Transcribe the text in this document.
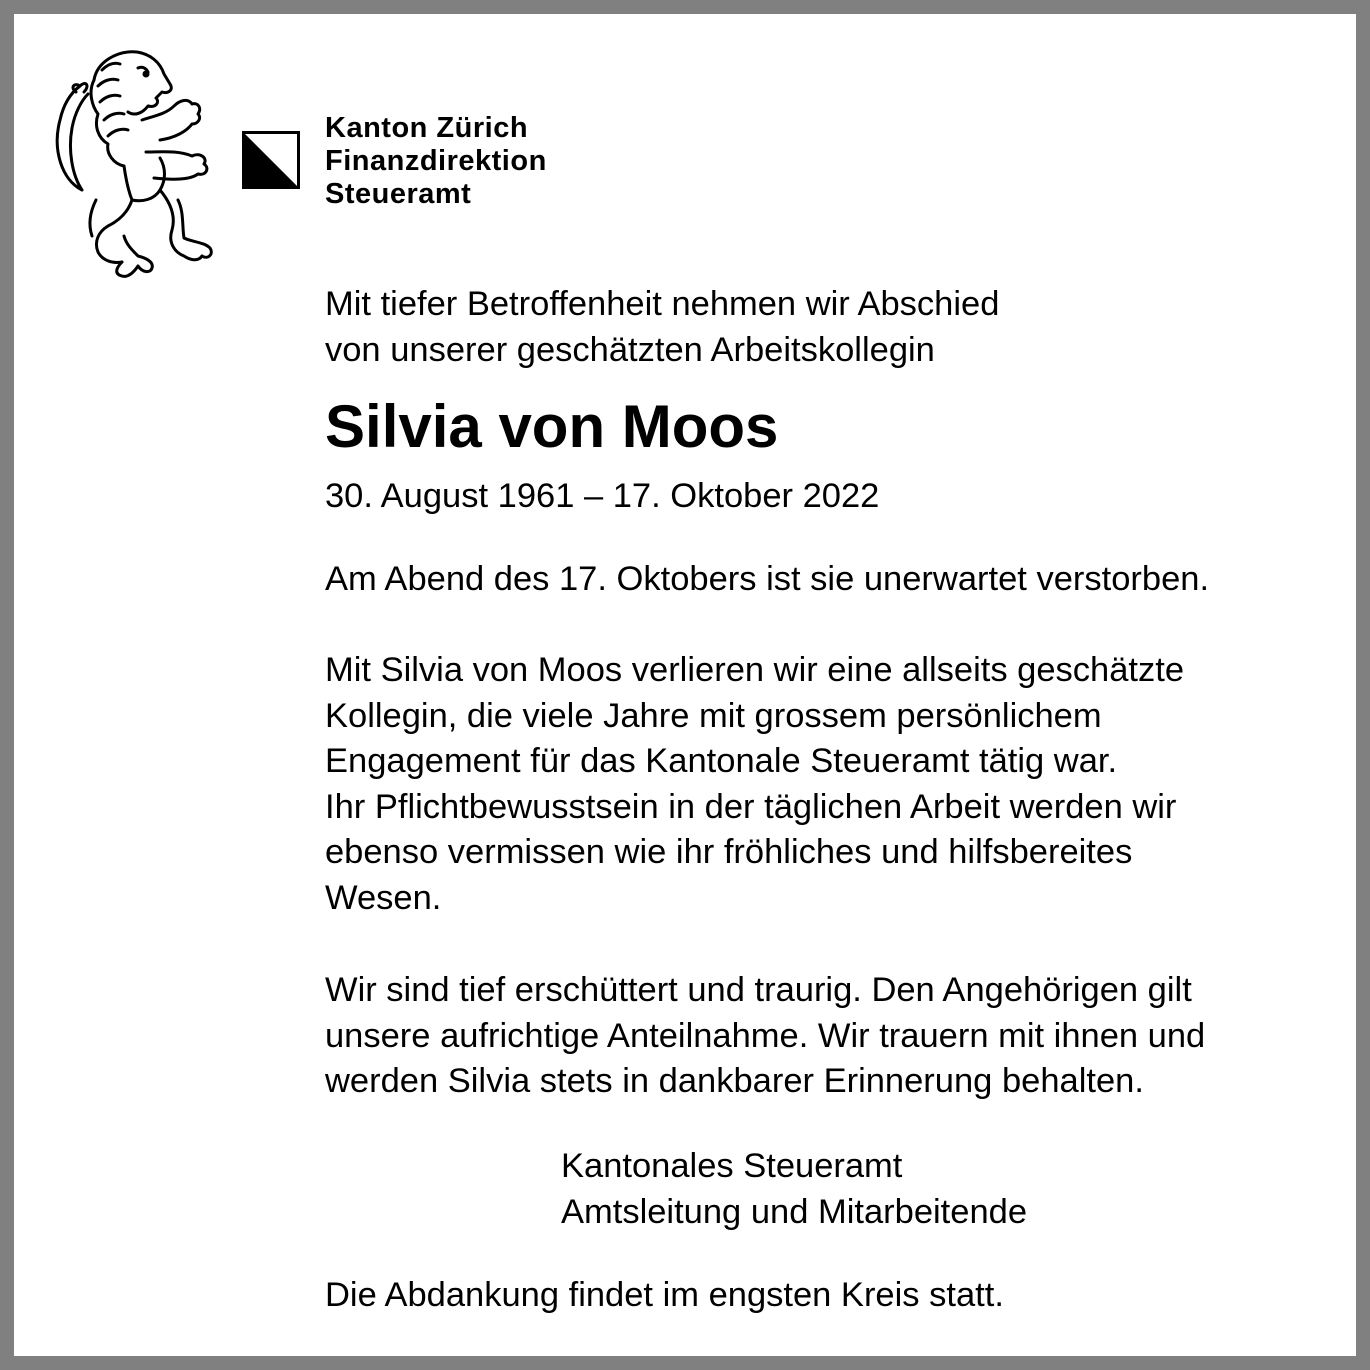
Kanton Zürich
Finanzdirektion
Steueramt
Mit tiefer Betroffenheit nehmen wir Abschied
von unserer geschätzten Arbeitskollegin
Silvia von Moos
30. August 1961 – 17. Oktober 2022
Am Abend des 17. Oktobers ist sie unerwartet verstorben.
Mit Silvia von Moos verlieren wir eine allseits geschätzte
Kollegin, die viele Jahre mit grossem persönlichem
Engagement für das Kantonale Steueramt tätig war.
Ihr Pflichtbewusstsein in der täglichen Arbeit werden wir
ebenso vermissen wie ihr fröhliches und hilfsbereites
Wesen.
Wir sind tief erschüttert und traurig. Den Angehörigen gilt
unsere aufrichtige Anteilnahme. Wir trauern mit ihnen und
werden Silvia stets in dankbarer Erinnerung behalten.
Kantonales Steueramt
Amtsleitung und Mitarbeitende
Die Abdankung findet im engsten Kreis statt.
